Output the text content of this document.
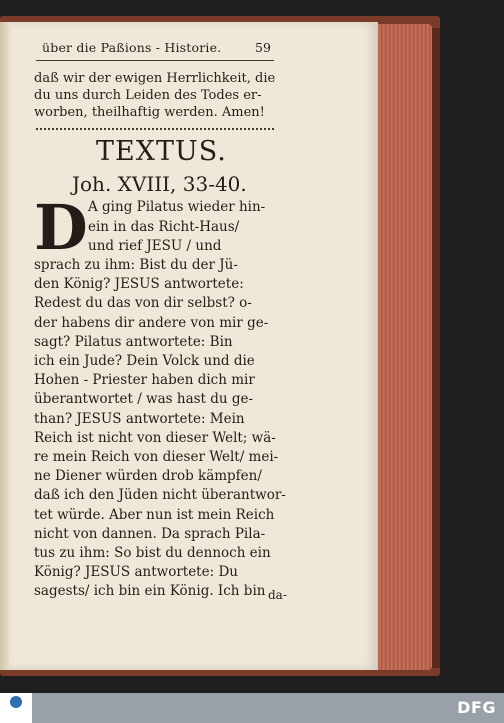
über die Paßions - Historie.	59
daß wir der ewigen Herrlichkeit, die
du uns durch Leiden des Todes er-
worben, theilhaftig werden. Amen!
TEXTUS.
Joh. XVIII, 33-40.
D A ging Pilatus wieder hin-
ein in das Richt-Haus/
und rief JESU / und
sprach zu ihm: Bist du der Jü-
den König? JESUS antwortete:
Redest du das von dir selbst? o-
der habens dir andere von mir ge-
sagt? Pilatus antwortete: Bin
ich ein Jude? Dein Volck und die
Hohen - Priester haben dich mir
überantwortet / was hast du ge-
than? JESUS antwortete: Mein
Reich ist nicht von dieser Welt; wä-
re mein Reich von dieser Welt/ mei-
ne Diener würden drob kämpfen/
daß ich den Jüden nicht überantwor-
tet würde. Aber nun ist mein Reich
nicht von dannen. Da sprach Pila-
tus zu ihm: So bist du dennoch ein
König? JESUS antwortete: Du
sagests/ ich bin ein König. Ich bin da-
DFG
